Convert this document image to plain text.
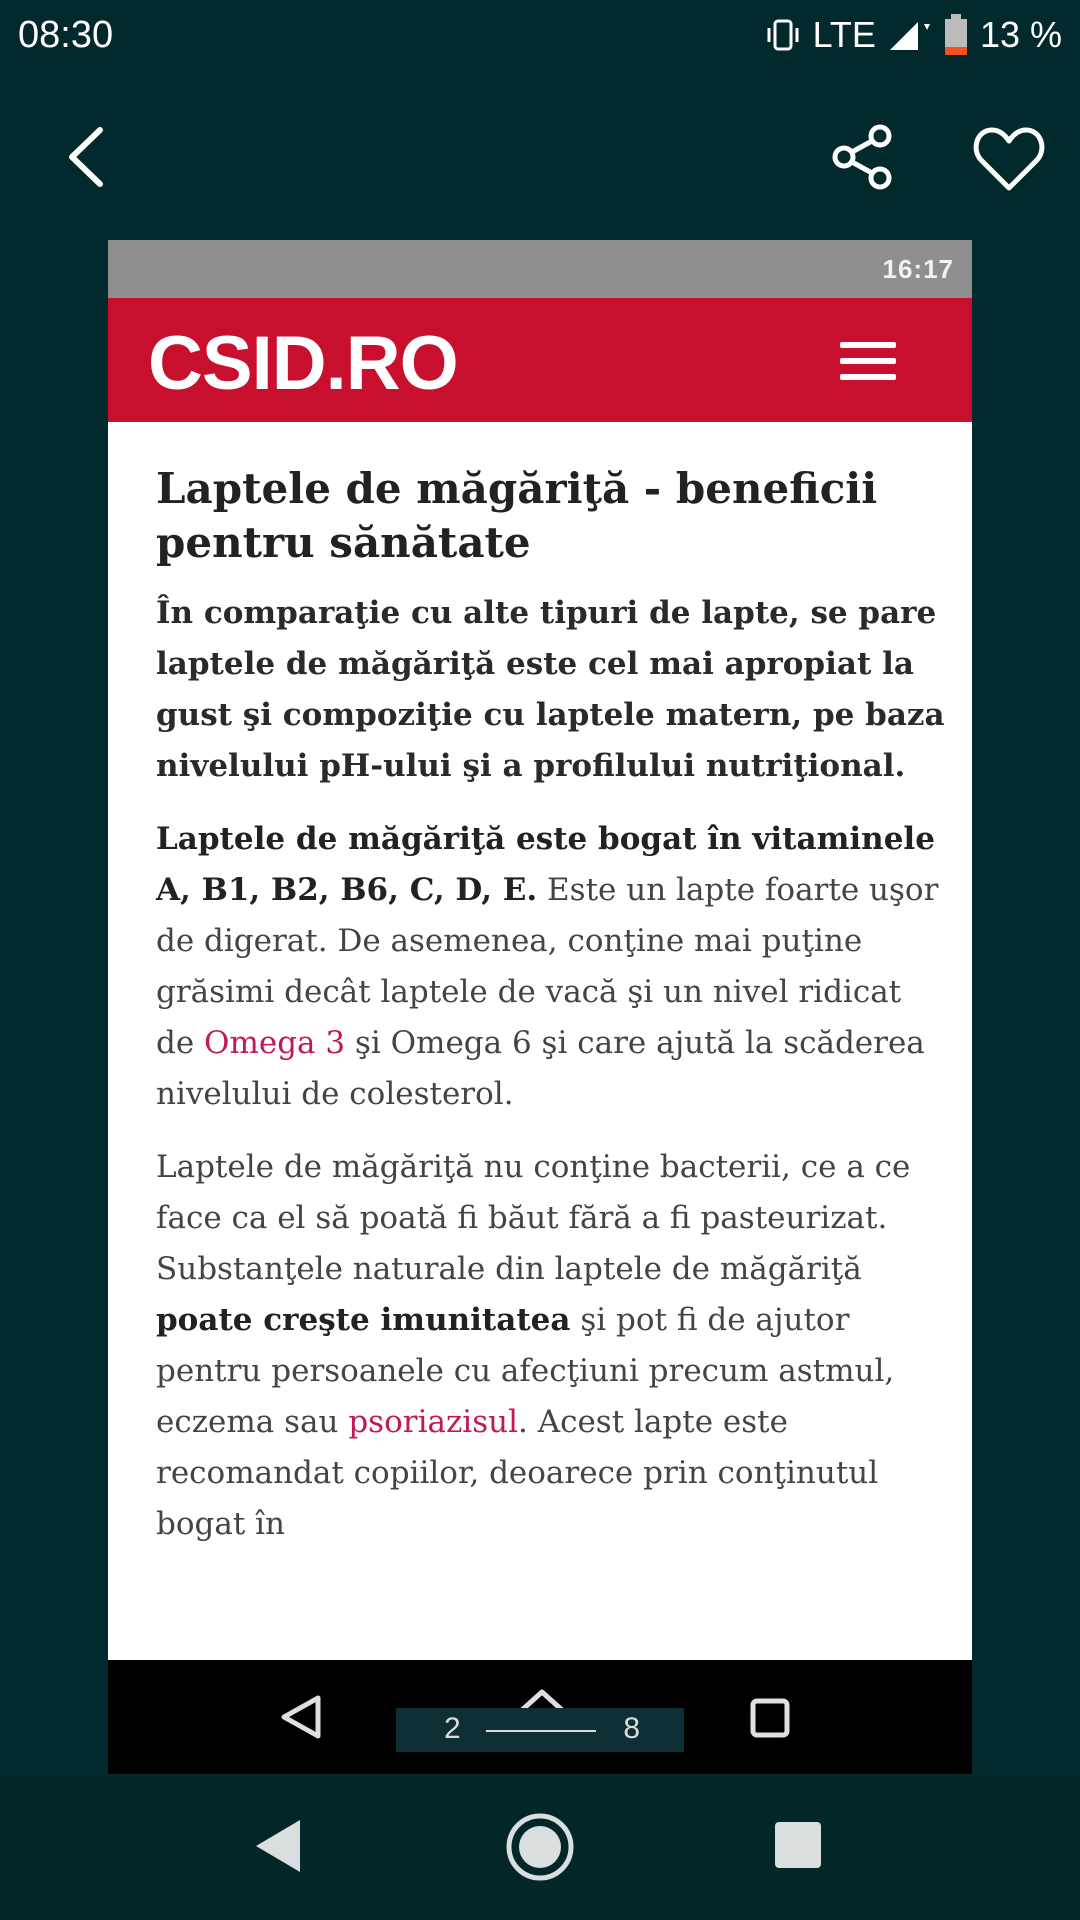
08:30	LTE	13 %
16:17
CSID.RO
Laptele de măgăriţă - beneficii pentru sănătate

În comparaţie cu alte tipuri de lapte, se pare laptele de măgăriţă este cel mai apropiat la gust şi compoziţie cu laptele matern, pe baza nivelului pH-ului şi a profilului nutriţional.

Laptele de măgăriţă este bogat în vitaminele A, B1, B2, B6, C, D, E. Este un lapte foarte uşor de digerat. De asemenea, conţine mai puţine grăsimi decât laptele de vacă şi un nivel ridicat de Omega 3 şi Omega 6 şi care ajută la scăderea nivelului de colesterol.

Laptele de măgăriţă nu conţine bacterii, ce a ce face ca el să poată fi băut fără a fi pasteurizat. Substanţele naturale din laptele de măgăriţă poate creşte imunitatea şi pot fi de ajutor pentru persoanele cu afecţiuni precum astmul, eczema sau psoriazisul. Acest lapte este recomandat copiilor, deoarece prin conţinutul bogat în

2	8
